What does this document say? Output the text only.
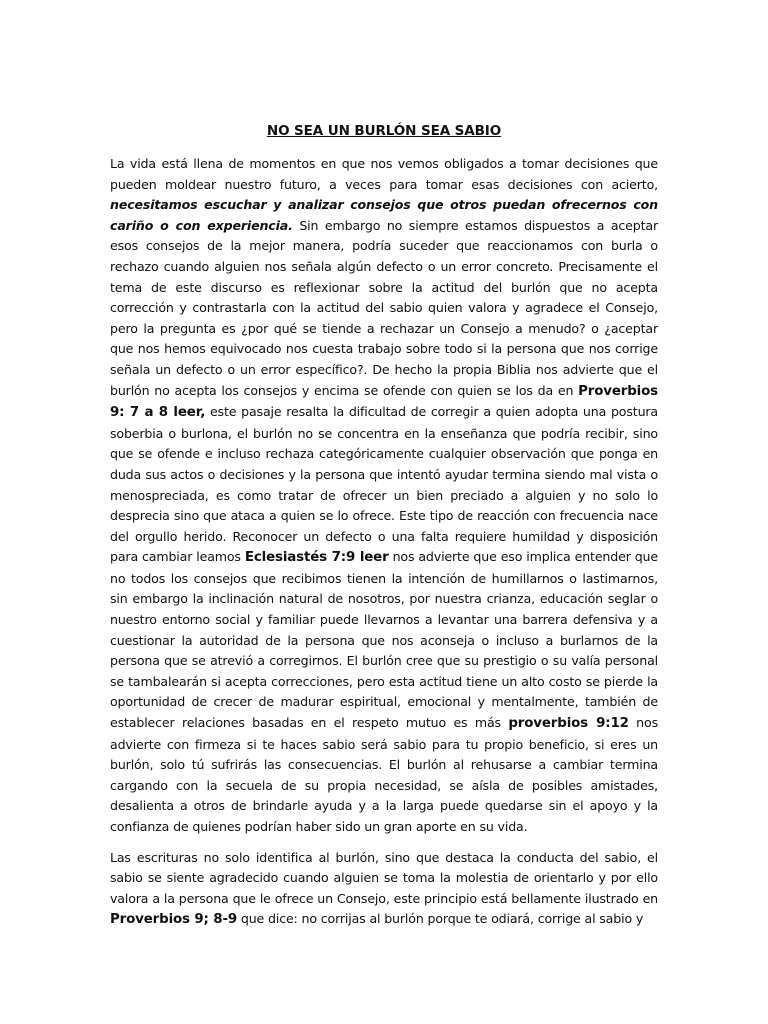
NO SEA UN BURLÓN SEA SABIO

La vida está llena de momentos en que nos vemos obligados a tomar decisiones que pueden moldear nuestro futuro, a veces para tomar esas decisiones con acierto, necesitamos escuchar y analizar consejos que otros puedan ofrecernos con cariño o con experiencia. Sin embargo no siempre estamos dispuestos a aceptar esos consejos de la mejor manera, podría suceder que reaccionamos con burla o rechazo cuando alguien nos señala algún defecto o un error concreto. Precisamente el tema de este discurso es reflexionar sobre la actitud del burlón que no acepta corrección y contrastarla con la actitud del sabio quien valora y agradece el Consejo, pero la pregunta es ¿por qué se tiende a rechazar un Consejo a menudo? o ¿aceptar que nos hemos equivocado nos cuesta trabajo sobre todo si la persona que nos corrige señala un defecto o un error específico?. De hecho la propia Biblia nos advierte que el burlón no acepta los consejos y encima se ofende con quien se los da en Proverbios 9: 7 a 8 leer, este pasaje resalta la dificultad de corregir a quien adopta una postura soberbia o burlona, el burlón no se concentra en la enseñanza que podría recibir, sino que se ofende e incluso rechaza categóricamente cualquier observación que ponga en duda sus actos o decisiones y la persona que intentó ayudar termina siendo mal vista o menospreciada, es como tratar de ofrecer un bien preciado a alguien y no solo lo desprecia sino que ataca a quien se lo ofrece. Este tipo de reacción con frecuencia nace del orgullo herido. Reconocer un defecto o una falta requiere humildad y disposición para cambiar leamos Eclesiastés 7:9 leer nos advierte que eso implica entender que no todos los consejos que recibimos tienen la intención de humillarnos o lastimarnos, sin embargo la inclinación natural de nosotros, por nuestra crianza, educación seglar o nuestro entorno social y familiar puede llevarnos a levantar una barrera defensiva y a cuestionar la autoridad de la persona que nos aconseja o incluso a burlarnos de la persona que se atrevió a corregirnos. El burlón cree que su prestigio o su valía personal se tambalearán si acepta correcciones, pero esta actitud tiene un alto costo se pierde la oportunidad de crecer de madurar espiritual, emocional y mentalmente, también de establecer relaciones basadas en el respeto mutuo es más proverbios 9:12 nos advierte con firmeza si te haces sabio será sabio para tu propio beneficio, si eres un burlón, solo tú sufrirás las consecuencias. El burlón al rehusarse a cambiar termina cargando con la secuela de su propia necesidad, se aísla de posibles amistades, desalienta a otros de brindarle ayuda y a la larga puede quedarse sin el apoyo y la confianza de quienes podrían haber sido un gran aporte en su vida.

Las escrituras no solo identifica al burlón, sino que destaca la conducta del sabio, el sabio se siente agradecido cuando alguien se toma la molestia de orientarlo y por ello valora a la persona que le ofrece un Consejo, este principio está bellamente ilustrado en Proverbios 9; 8-9 que dice: no corrijas al burlón porque te odiará, corrige al sabio y
